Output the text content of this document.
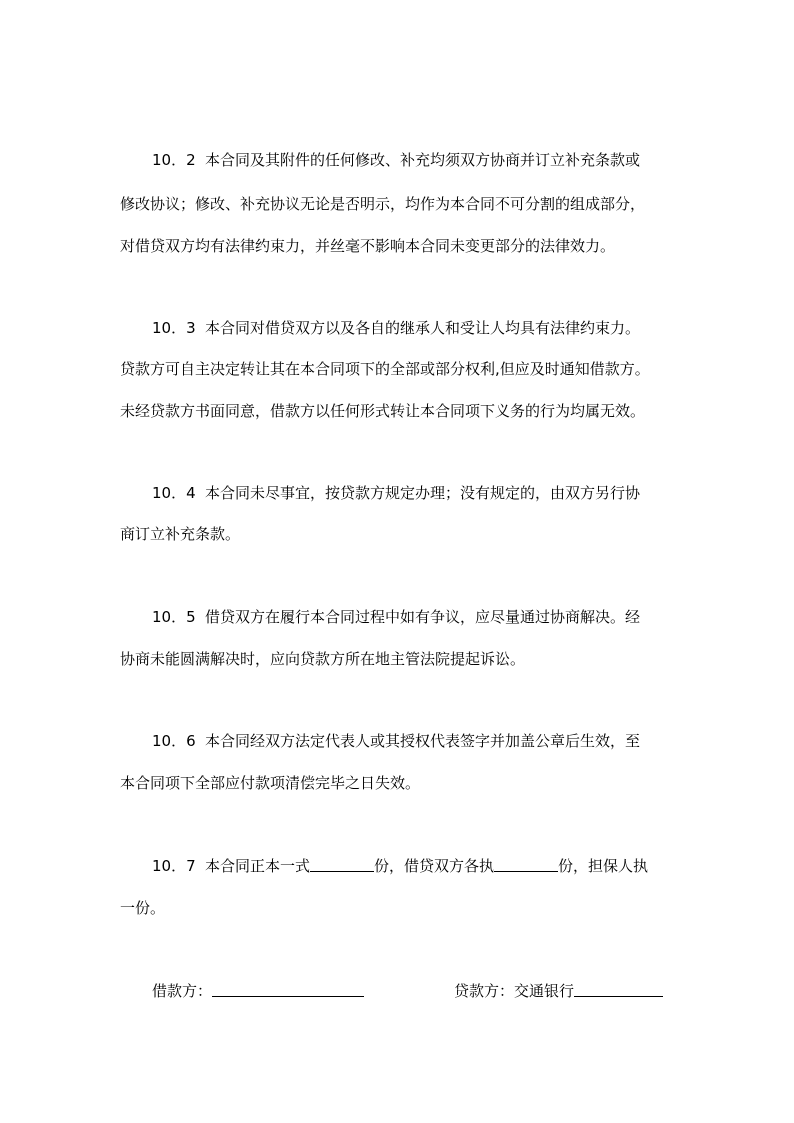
10．2 本合同及其附件的任何修改、补充均须双方协商并订立补充条款或
修改协议；修改、补充协议无论是否明示，均作为本合同不可分割的组成部分，
对借贷双方均有法律约束力，并丝毫不影响本合同未变更部分的法律效力。
10．3 本合同对借贷双方以及各自的继承人和受让人均具有法律约束力。
贷款方可自主决定转让其在本合同项下的全部或部分权利,但应及时通知借款方。
未经贷款方书面同意，借款方以任何形式转让本合同项下义务的行为均属无效。
10．4 本合同未尽事宜，按贷款方规定办理；没有规定的，由双方另行协
商订立补充条款。
10．5 借贷双方在履行本合同过程中如有争议，应尽量通过协商解决。经
协商未能圆满解决时，应向贷款方所在地主管法院提起诉讼。
10．6 本合同经双方法定代表人或其授权代表签字并加盖公章后生效，至
本合同项下全部应付款项清偿完毕之日失效。
10．7 本合同正本一式	份，借贷双方各执	份，担保人执
一份。
借款方：	贷款方：交通银行
